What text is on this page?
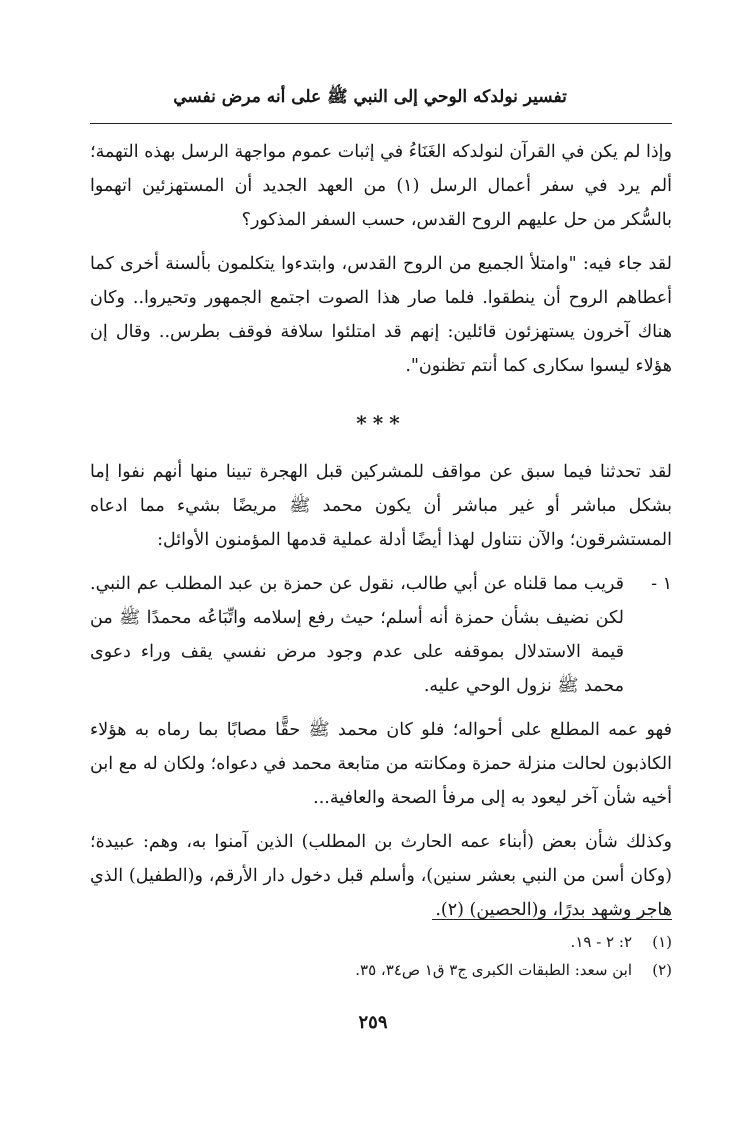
تفسير نولدكه الوحي إلى النبي ﷺ على أنه مرض نفسي

وإذا لم يكن في القرآن لنولدكه الغَنَاءُ في إثبات عموم مواجهة الرسل بهذه التهمة؛ ألم يرد في سفر أعمال الرسل (١) من العهد الجديد أن المستهزئين اتهموا بالسُّكر من حل عليهم الروح القدس، حسب السفر المذكور؟

لقد جاء فيه: "وامتلأ الجميع من الروح القدس، وابتدءوا يتكلمون بألسنة أخرى كما أعطاهم الروح أن ينطقوا. فلما صار هذا الصوت اجتمع الجمهور وتحيروا.. وكان هناك آخرون يستهزئون قائلين: إنهم قد امتلئوا سلافة فوقف بطرس.. وقال إن هؤلاء ليسوا سكارى كما أنتم تظنون".

***

لقد تحدثنا فيما سبق عن مواقف للمشركين قبل الهجرة تبينا منها أنهم نفوا إما بشكل مباشر أو غير مباشر أن يكون محمد ﷺ مريضًا بشيء مما ادعاه المستشرقون؛ والآن نتناول لهذا أيضًا أدلة عملية قدمها المؤمنون الأوائل:

١ -
قريب مما قلناه عن أبي طالب، نقول عن حمزة بن عبد المطلب عم النبي. لكن نضيف بشأن حمزة أنه أسلم؛ حيث رفع إسلامه واتِّبَاعُه محمدًا ﷺ من قيمة الاستدلال بموقفه على عدم وجود مرض نفسي يقف وراء دعوى محمد ﷺ نزول الوحي عليه.

فهو عمه المطلع على أحواله؛ فلو كان محمد ﷺ حقًّا مصابًا بما رماه به هؤلاء الكاذبون لحالت منزلة حمزة ومكانته من متابعة محمد في دعواه؛ ولكان له مع ابن أخيه شأن آخر ليعود به إلى مرفأ الصحة والعافية...

وكذلك شأن بعض (أبناء عمه الحارث بن المطلب) الذين آمنوا به، وهم: عبيدة؛ (وكان أسن من النبي بعشر سنين)، وأسلم قبل دخول دار الأرقم، و(الطفيل) الذي هاجر وشهد بدرًا، و(الحصين) (٢).

(١)
٢: ٢ - ١٩.
(٢)
ابن سعد: الطبقات الكبرى ج٣ ق١ ص٣٤، ٣٥.
٢٥٩
